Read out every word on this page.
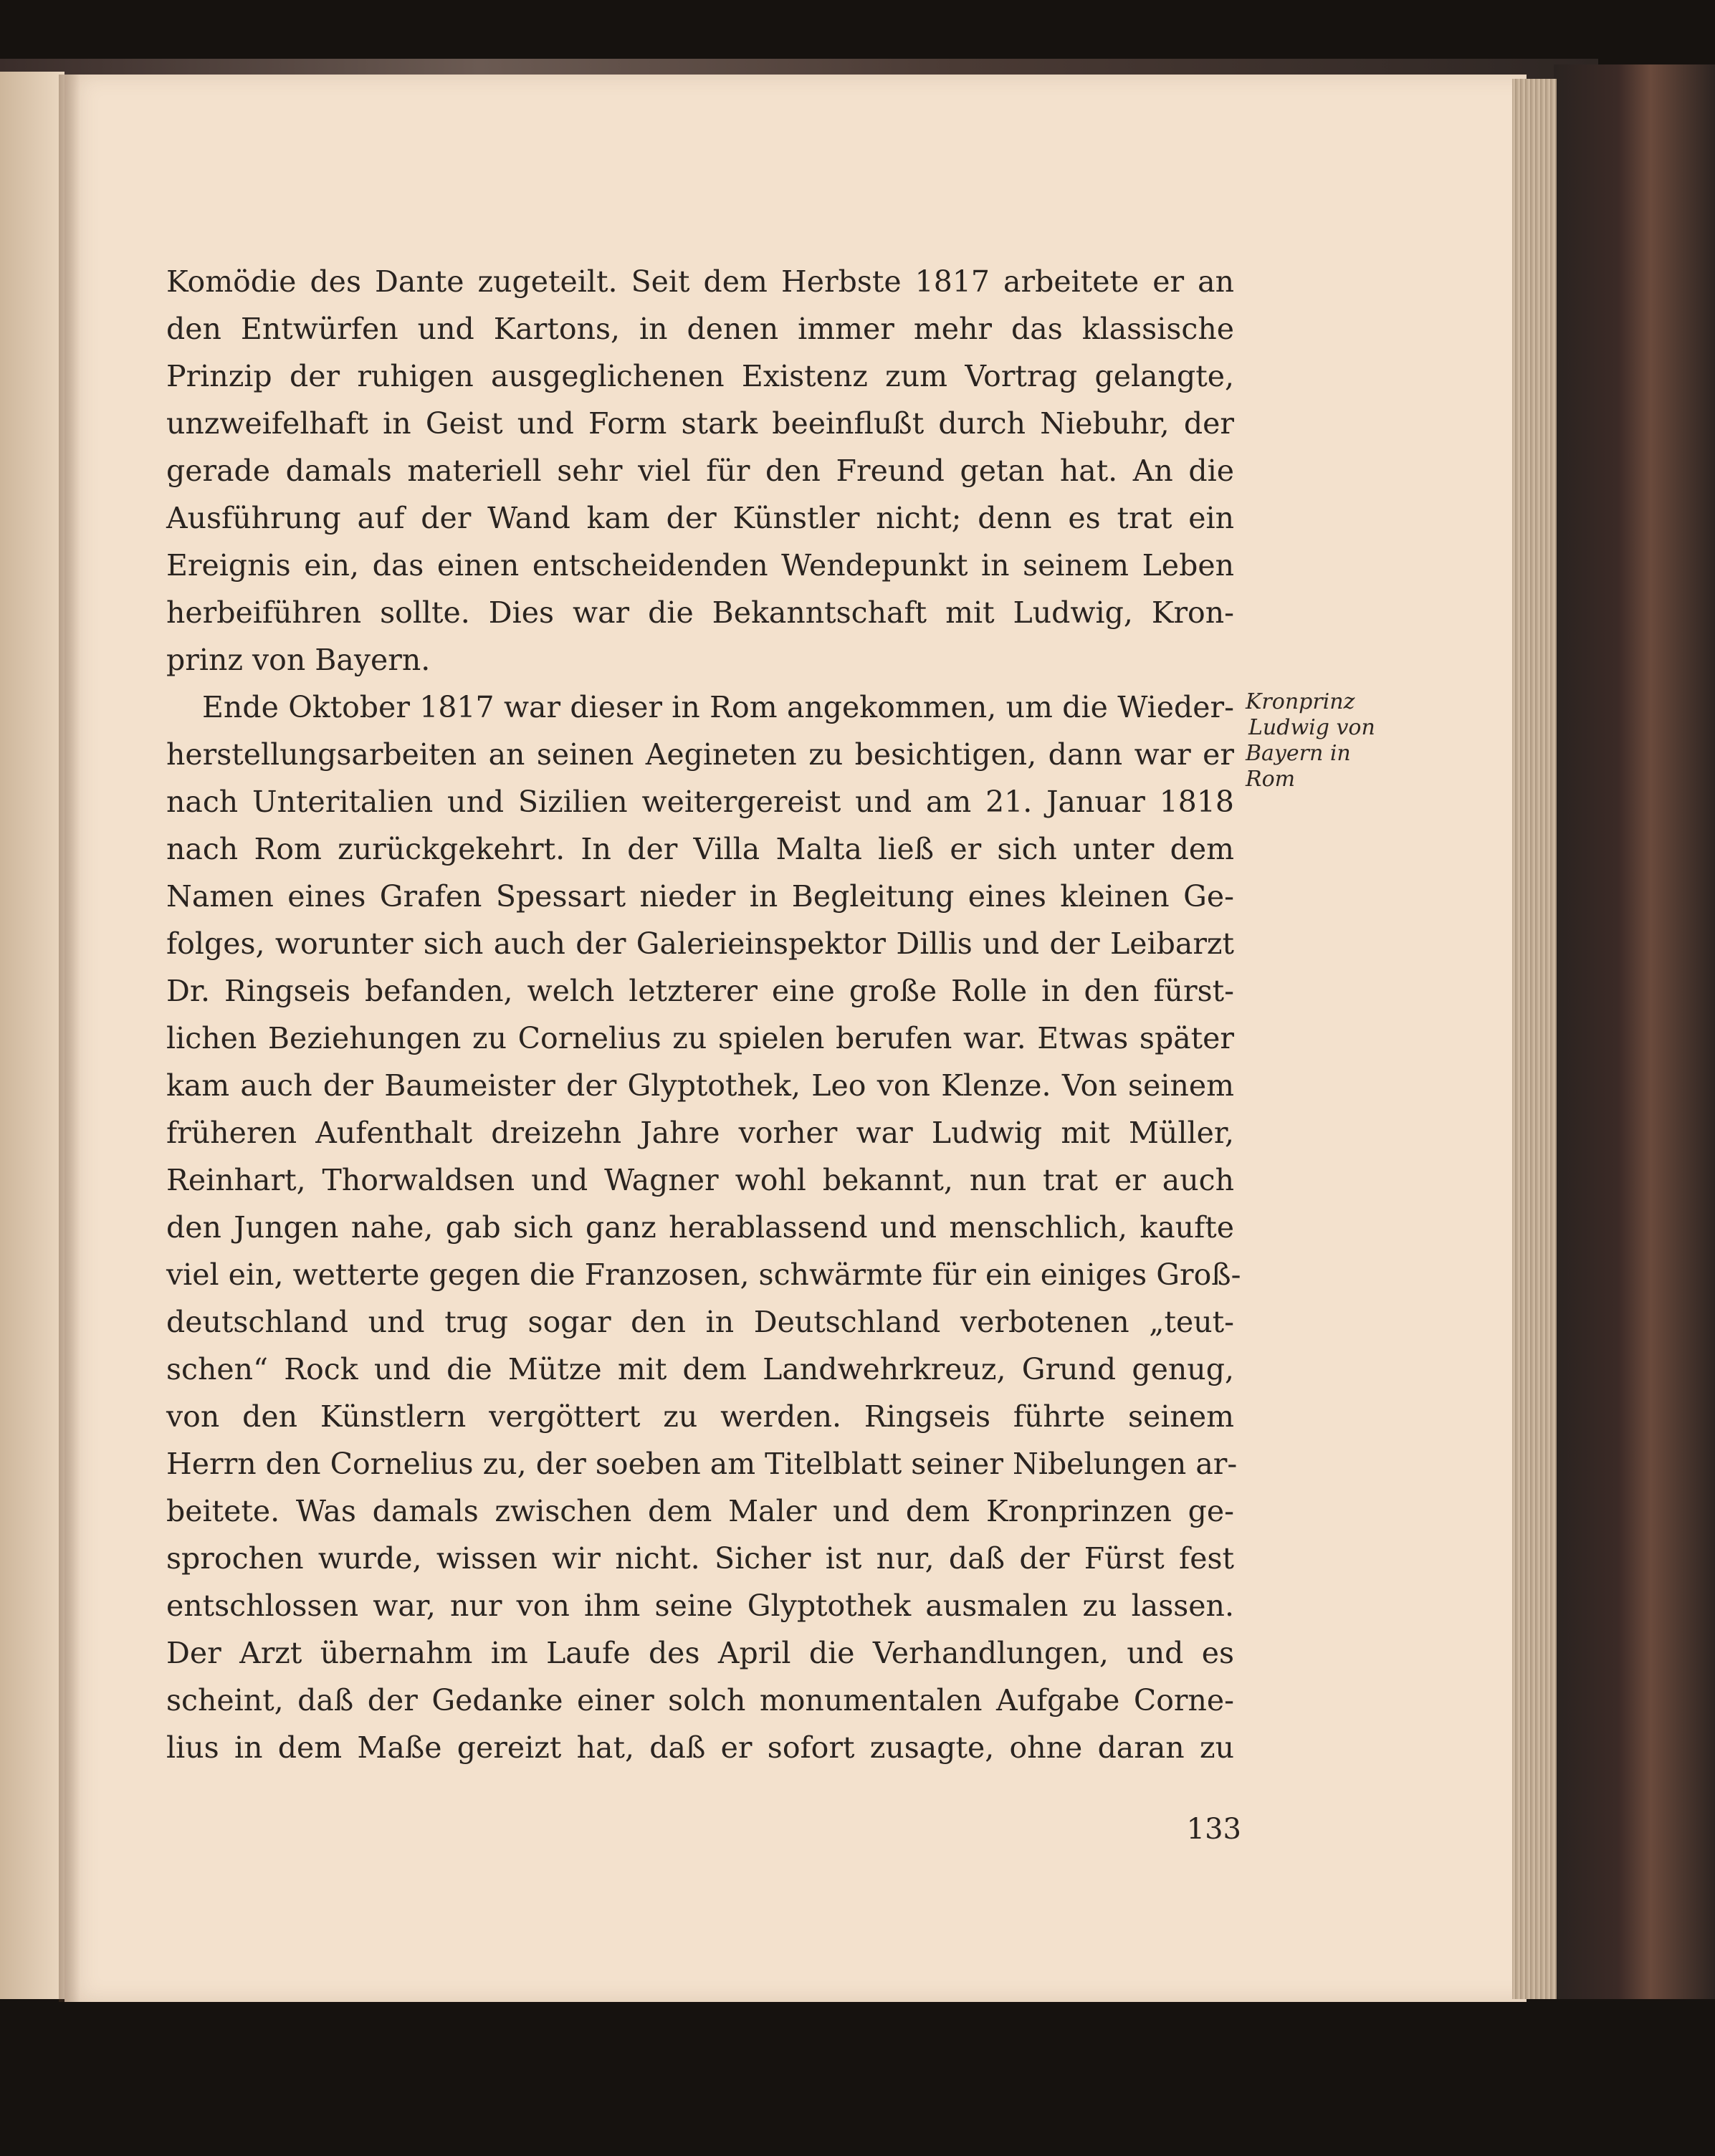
Komödie des Dante zugeteilt. Seit dem Herbste 1817 arbeitete er an
den Entwürfen und Kartons, in denen immer mehr das klassische
Prinzip der ruhigen ausgeglichenen Existenz zum Vortrag gelangte,
unzweifelhaft in Geist und Form stark beeinflußt durch Niebuhr, der
gerade damals materiell sehr viel für den Freund getan hat. An die
Ausführung auf der Wand kam der Künstler nicht; denn es trat ein
Ereignis ein, das einen entscheidenden Wendepunkt in seinem Leben
herbeiführen sollte. Dies war die Bekanntschaft mit Ludwig, Kron-
prinz von Bayern.
Ende Oktober 1817 war dieser in Rom angekommen, um die Wieder-
herstellungsarbeiten an seinen Aegineten zu besichtigen, dann war er
nach Unteritalien und Sizilien weitergereist und am 21. Januar 1818
nach Rom zurückgekehrt. In der Villa Malta ließ er sich unter dem
Namen eines Grafen Spessart nieder in Begleitung eines kleinen Ge-
folges, worunter sich auch der Galerieinspektor Dillis und der Leibarzt
Dr. Ringseis befanden, welch letzterer eine große Rolle in den fürst-
lichen Beziehungen zu Cornelius zu spielen berufen war. Etwas später
kam auch der Baumeister der Glyptothek, Leo von Klenze. Von seinem
früheren Aufenthalt dreizehn Jahre vorher war Ludwig mit Müller,
Reinhart, Thorwaldsen und Wagner wohl bekannt, nun trat er auch
den Jungen nahe, gab sich ganz herablassend und menschlich, kaufte
viel ein, wetterte gegen die Franzosen, schwärmte für ein einiges Groß-
deutschland und trug sogar den in Deutschland verbotenen „teut-
schen“ Rock und die Mütze mit dem Landwehrkreuz, Grund genug,
von den Künstlern vergöttert zu werden. Ringseis führte seinem
Herrn den Cornelius zu, der soeben am Titelblatt seiner Nibelungen ar-
beitete. Was damals zwischen dem Maler und dem Kronprinzen ge-
sprochen wurde, wissen wir nicht. Sicher ist nur, daß der Fürst fest
entschlossen war, nur von ihm seine Glyptothek ausmalen zu lassen.
Der Arzt übernahm im Laufe des April die Verhandlungen, und es
scheint, daß der Gedanke einer solch monumentalen Aufgabe Corne-
lius in dem Maße gereizt hat, daß er sofort zusagte, ohne daran zu
Kronprinz
Ludwig von
Bayern in
Rom
133
